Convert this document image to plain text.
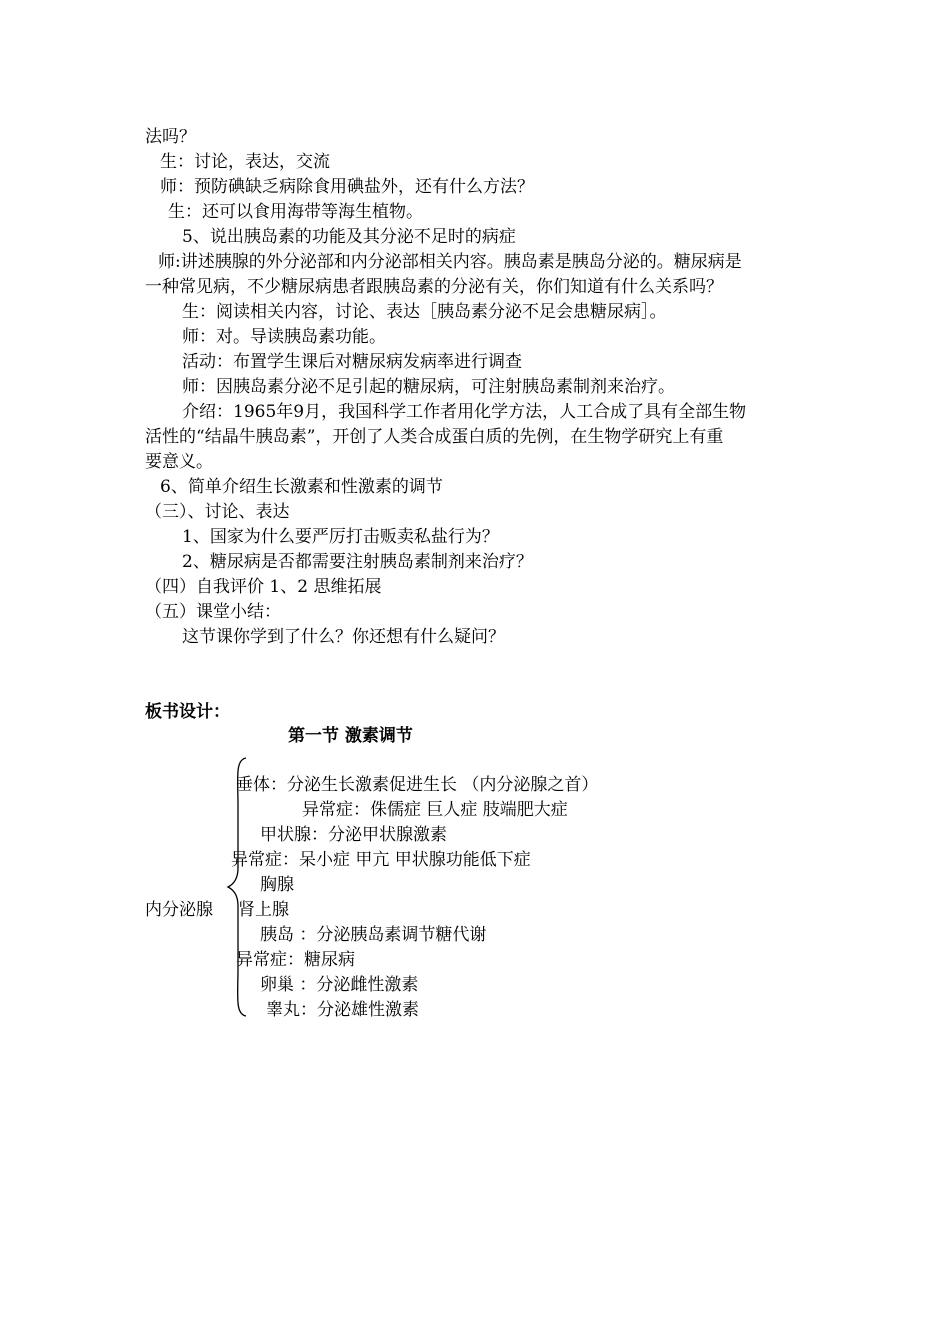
法吗？
生：讨论，表达，交流
师：预防碘缺乏病除食用碘盐外，还有什么方法？
生：还可以食用海带等海生植物。
5、说出胰岛素的功能及其分泌不足时的病症
师:讲述胰腺的外分泌部和内分泌部相关内容。胰岛素是胰岛分泌的。糖尿病是
一种常见病，不少糖尿病患者跟胰岛素的分泌有关，你们知道有什么关系吗？
生：阅读相关内容，讨论、表达［胰岛素分泌不足会患糖尿病］。
师：对。导读胰岛素功能。
活动：布置学生课后对糖尿病发病率进行调查
师：因胰岛素分泌不足引起的糖尿病，可注射胰岛素制剂来治疗。
介绍：1965年9月，我国科学工作者用化学方法，人工合成了具有全部生物
活性的“结晶牛胰岛素”，开创了人类合成蛋白质的先例，在生物学研究上有重
要意义。
6、简单介绍生长激素和性激素的调节
（三）、讨论、表达
1、国家为什么要严厉打击贩卖私盐行为？
2、糖尿病是否都需要注射胰岛素制剂来治疗？
（四）自我评价 1、2 思维拓展
（五）课堂小结：
这节课你学到了什么？你还想有什么疑问？
板书设计：
第一节 激素调节
内分泌腺
垂体：分泌生长激素促进生长 （内分泌腺之首）
异常症：侏儒症 巨人症 肢端肥大症
甲状腺：分泌甲状腺激素
异常症：呆小症 甲亢 甲状腺功能低下症
胸腺
肾上腺
胰岛 ：分泌胰岛素调节糖代谢
异常症：糖尿病
卵巢 ：分泌雌性激素
睾丸：分泌雄性激素
